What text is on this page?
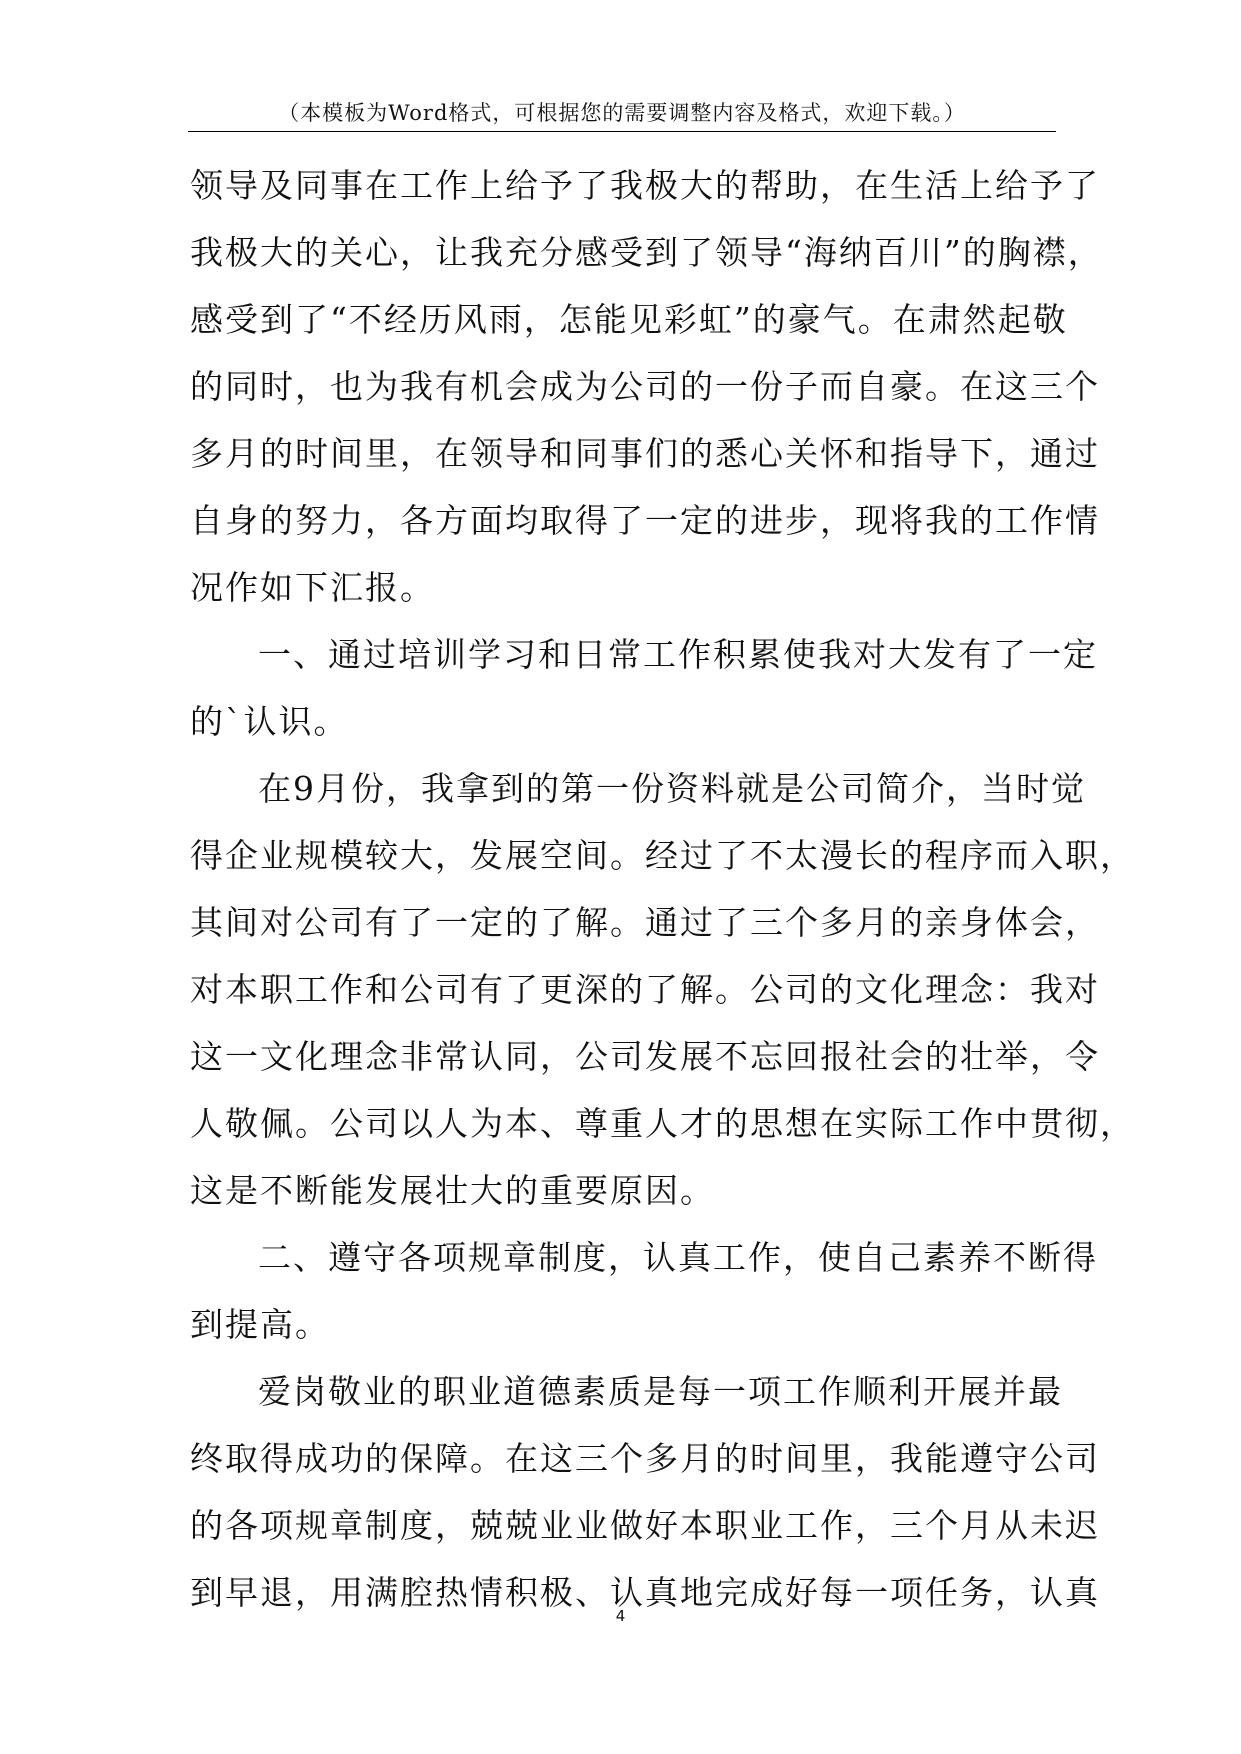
（本模板为Word格式，可根据您的需要调整内容及格式，欢迎下载。）
领导及同事在工作上给予了我极大的帮助，在生活上给予了
我极大的关心，让我充分感受到了领导“海纳百川”的胸襟，
感受到了“不经历风雨，怎能见彩虹”的豪气。在肃然起敬
的同时，也为我有机会成为公司的一份子而自豪。在这三个
多月的时间里，在领导和同事们的悉心关怀和指导下，通过
自身的努力，各方面均取得了一定的进步，现将我的工作情
况作如下汇报。
一、通过培训学习和日常工作积累使我对大发有了一定
的`认识。
在9月份，我拿到的第一份资料就是公司简介，当时觉
得企业规模较大，发展空间。经过了不太漫长的程序而入职，
其间对公司有了一定的了解。通过了三个多月的亲身体会，
对本职工作和公司有了更深的了解。公司的文化理念：我对
这一文化理念非常认同，公司发展不忘回报社会的壮举，令
人敬佩。公司以人为本、尊重人才的思想在实际工作中贯彻，
这是不断能发展壮大的重要原因。
二、遵守各项规章制度，认真工作，使自己素养不断得
到提高。
爱岗敬业的职业道德素质是每一项工作顺利开展并最
终取得成功的保障。在这三个多月的时间里，我能遵守公司
的各项规章制度，兢兢业业做好本职业工作，三个月从未迟
到早退，用满腔热情积极、认真地完成好每一项任务，认真
4
